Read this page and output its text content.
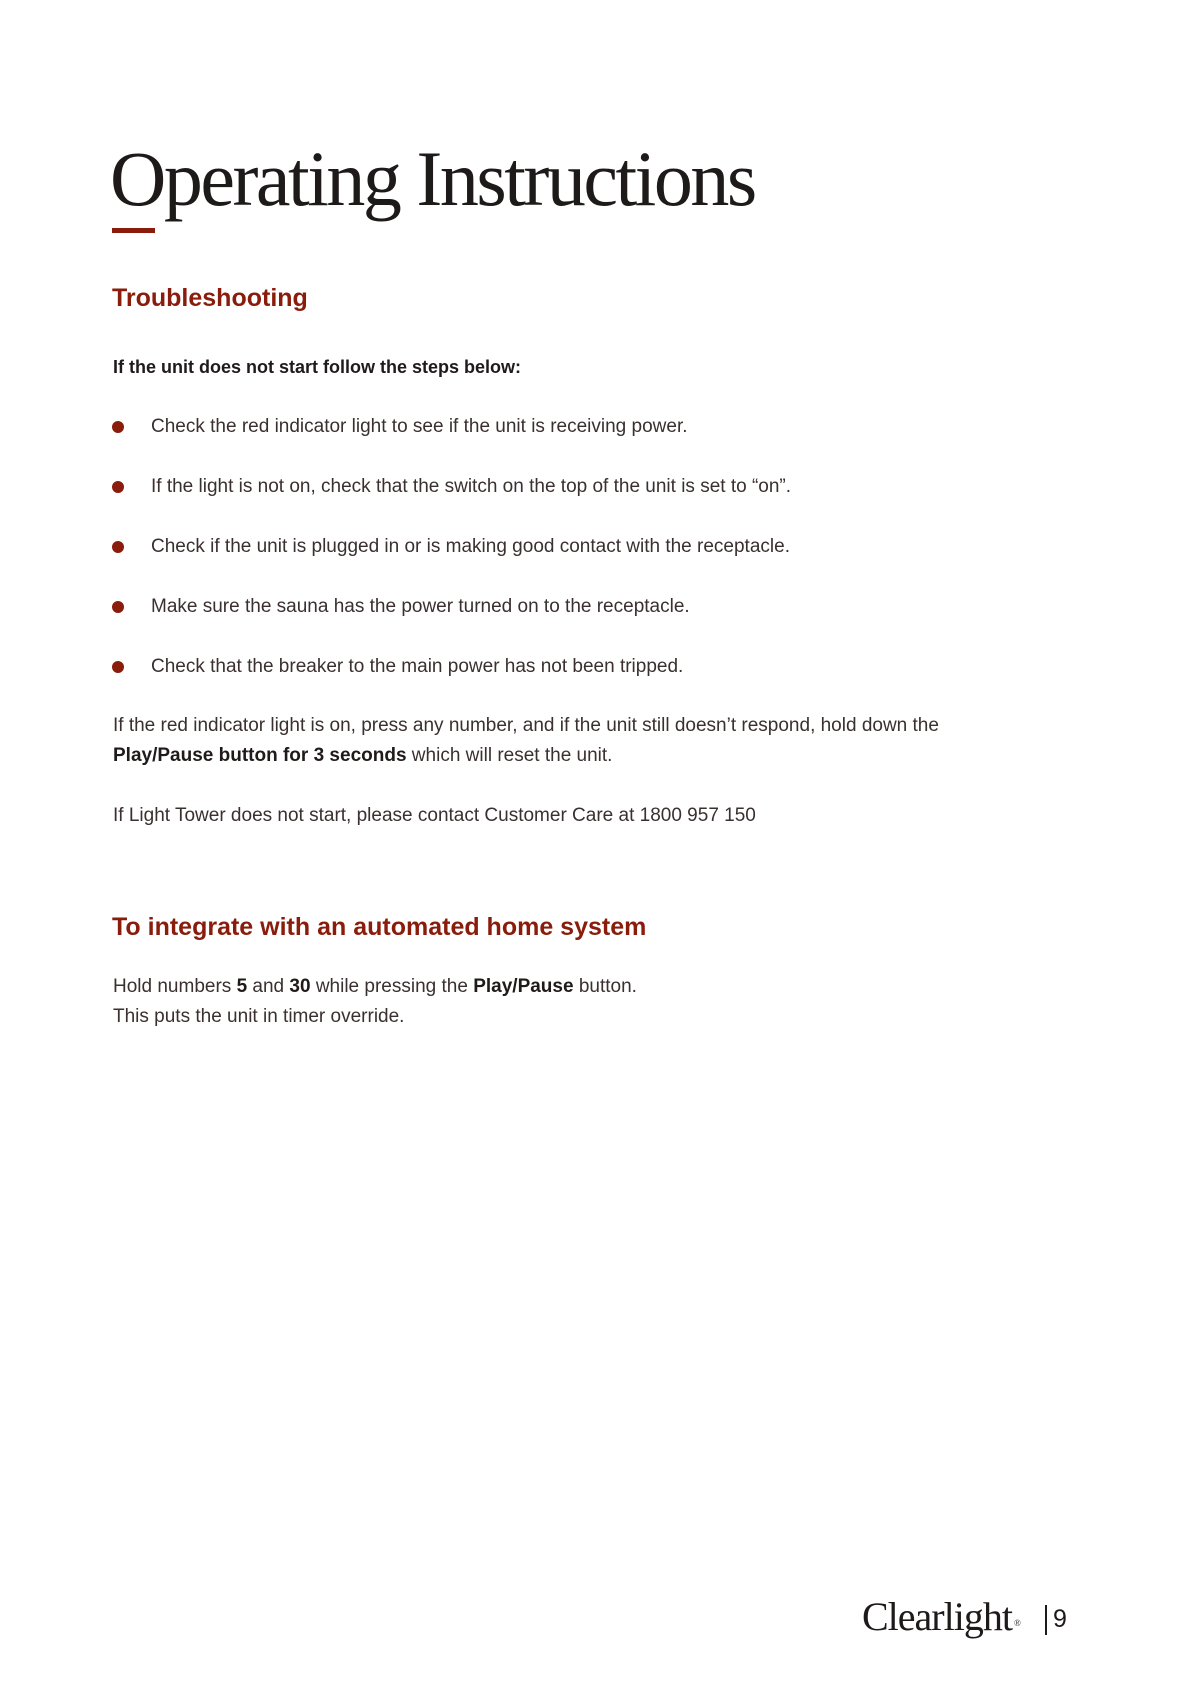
Operating Instructions
Troubleshooting

If the unit does not start follow the steps below:

Check the red indicator light to see if the unit is receiving power.
If the light is not on, check that the switch on the top of the unit is set to “on”.
Check if the unit is plugged in or is making good contact with the receptacle.
Make sure the sauna has the power turned on to the receptacle.
Check that the breaker to the main power has not been tripped.

If the red indicator light is on, press any number, and if the unit still doesn’t respond, hold down the
Play/Pause button for 3 seconds which will reset the unit.

If Light Tower does not start, please contact Customer Care at 1800 957 150

To integrate with an automated home system

Hold numbers 5 and 30 while pressing the Play/Pause button.
This puts the unit in timer override.

Clearlight ® 9
